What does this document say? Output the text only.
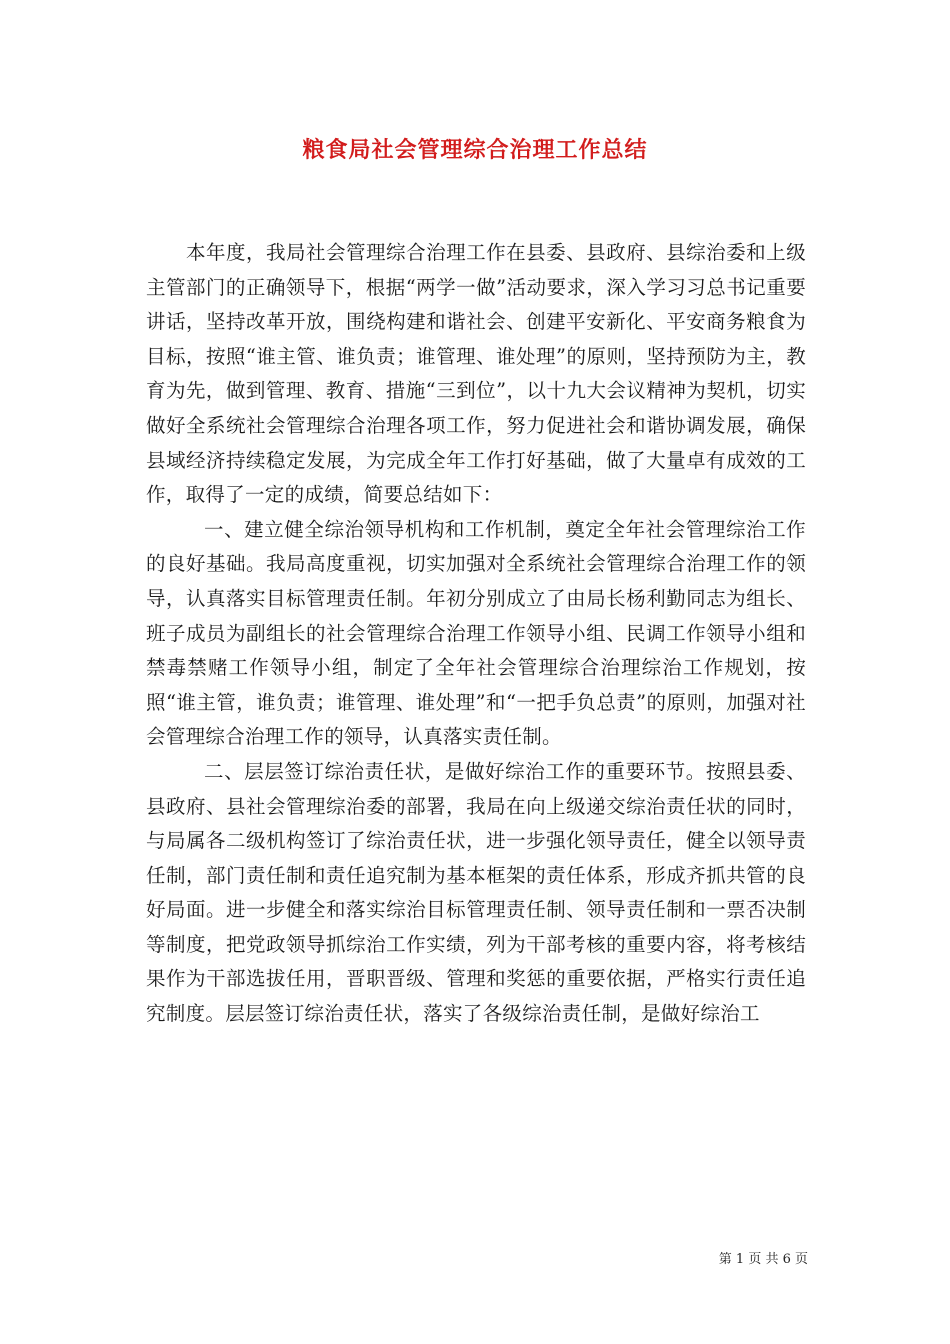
粮食局社会管理综合治理工作总结

本年度，我局社会管理综合治理工作在县委、县政府、县综治委和上级主管部门的正确领导下，根据“两学一做”活动要求，深入学习习总书记重要讲话，坚持改革开放，围绕构建和谐社会、创建平安新化、平安商务粮食为目标，按照“谁主管、谁负责；谁管理、谁处理”的原则，坚持预防为主，教育为先，做到管理、教育、措施“三到位”，以十九大会议精神为契机，切实做好全系统社会管理综合治理各项工作，努力促进社会和谐协调发展，确保县域经济持续稳定发展，为完成全年工作打好基础，做了大量卓有成效的工作，取得了一定的成绩，简要总结如下：

一、建立健全综治领导机构和工作机制，奠定全年社会管理综治工作的良好基础。我局高度重视，切实加强对全系统社会管理综合治理工作的领导，认真落实目标管理责任制。年初分别成立了由局长杨利勤同志为组长、班子成员为副组长的社会管理综合治理工作领导小组、民调工作领导小组和禁毒禁赌工作领导小组，制定了全年社会管理综合治理综治工作规划，按照“谁主管，谁负责；谁管理、谁处理”和“一把手负总责”的原则，加强对社会管理综合治理工作的领导，认真落实责任制。

二、层层签订综治责任状，是做好综治工作的重要环节。按照县委、县政府、县社会管理综治委的部署，我局在向上级递交综治责任状的同时，与局属各二级机构签订了综治责任状，进一步强化领导责任，健全以领导责任制，部门责任制和责任追究制为基本框架的责任体系，形成齐抓共管的良好局面。进一步健全和落实综治目标管理责任制、领导责任制和一票否决制等制度，把党政领导抓综治工作实绩，列为干部考核的重要内容，将考核结果作为干部选拔任用，晋职晋级、管理和奖惩的重要依据，严格实行责任追究制度。层层签订综治责任状，落实了各级综治责任制，是做好综治工

第 1 页 共 6 页
